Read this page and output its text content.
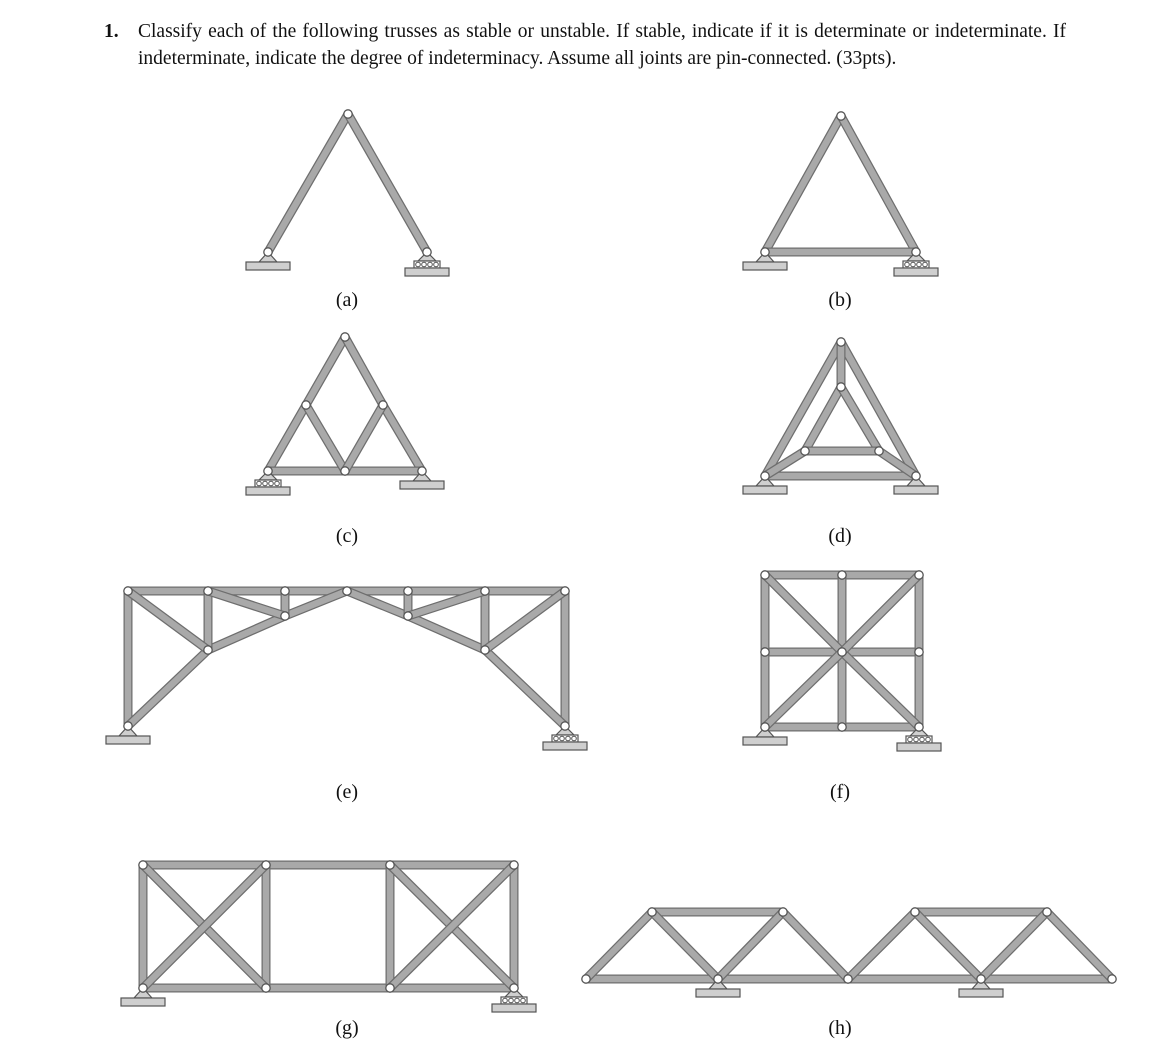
1. Classify each of the following trusses as stable or unstable. If stable, indicate if it is determinate or indeterminate. If indeterminate, indicate the degree of indeterminacy. Assume all joints are pin-connected. (33pts).
(a)	(b)
(c)	(d)
(e)	(f)
(g)	(h)
